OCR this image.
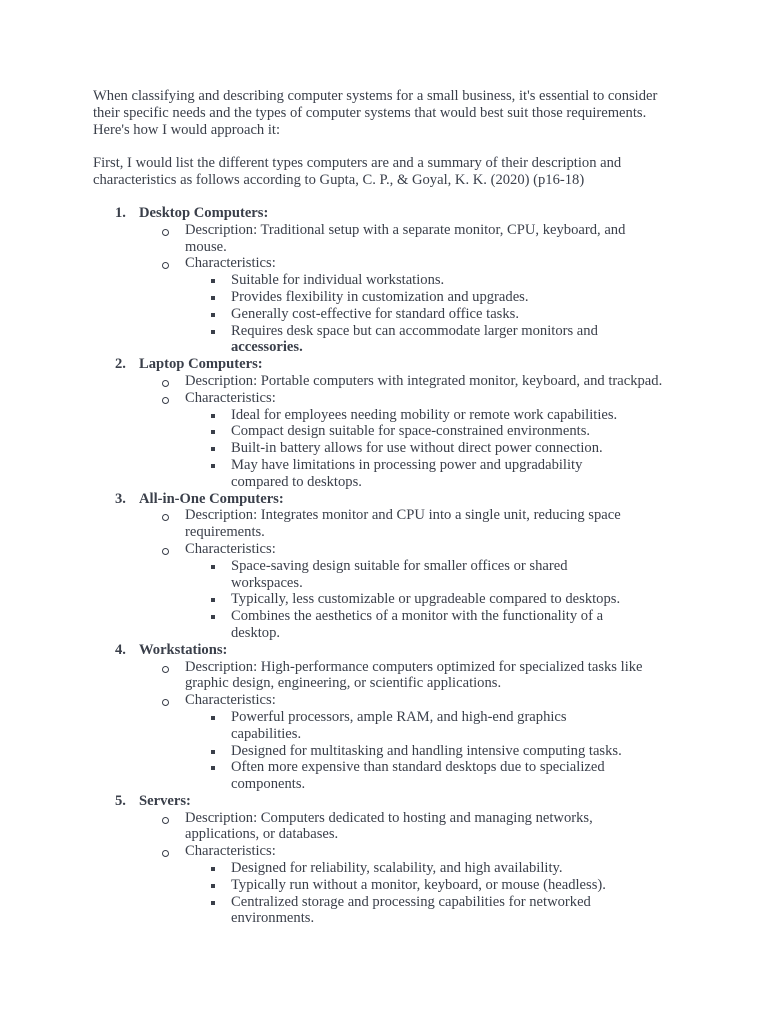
When classifying and describing computer systems for a small business, it's essential to consider their specific needs and the types of computer systems that would best suit those requirements. Here's how I would approach it:

First, I would list the different types computers are and a summary of their description and characteristics as follows according to Gupta, C. P., & Goyal, K. K. (2020) (p16-18)

1. Desktop Computers:
Description: Traditional setup with a separate monitor, CPU, keyboard, and mouse.
Characteristics:
Suitable for individual workstations.
Provides flexibility in customization and upgrades.
Generally cost-effective for standard office tasks.
Requires desk space but can accommodate larger monitors and accessories.
2. Laptop Computers:
Description: Portable computers with integrated monitor, keyboard, and trackpad.
Characteristics:
Ideal for employees needing mobility or remote work capabilities.
Compact design suitable for space-constrained environments.
Built-in battery allows for use without direct power connection.
May have limitations in processing power and upgradability compared to desktops.
3. All-in-One Computers:
Description: Integrates monitor and CPU into a single unit, reducing space requirements.
Characteristics:
Space-saving design suitable for smaller offices or shared workspaces.
Typically, less customizable or upgradeable compared to desktops.
Combines the aesthetics of a monitor with the functionality of a desktop.
4. Workstations:
Description: High-performance computers optimized for specialized tasks like graphic design, engineering, or scientific applications.
Characteristics:
Powerful processors, ample RAM, and high-end graphics capabilities.
Designed for multitasking and handling intensive computing tasks.
Often more expensive than standard desktops due to specialized components.
5. Servers:
Description: Computers dedicated to hosting and managing networks, applications, or databases.
Characteristics:
Designed for reliability, scalability, and high availability.
Typically run without a monitor, keyboard, or mouse (headless).
Centralized storage and processing capabilities for networked environments.
